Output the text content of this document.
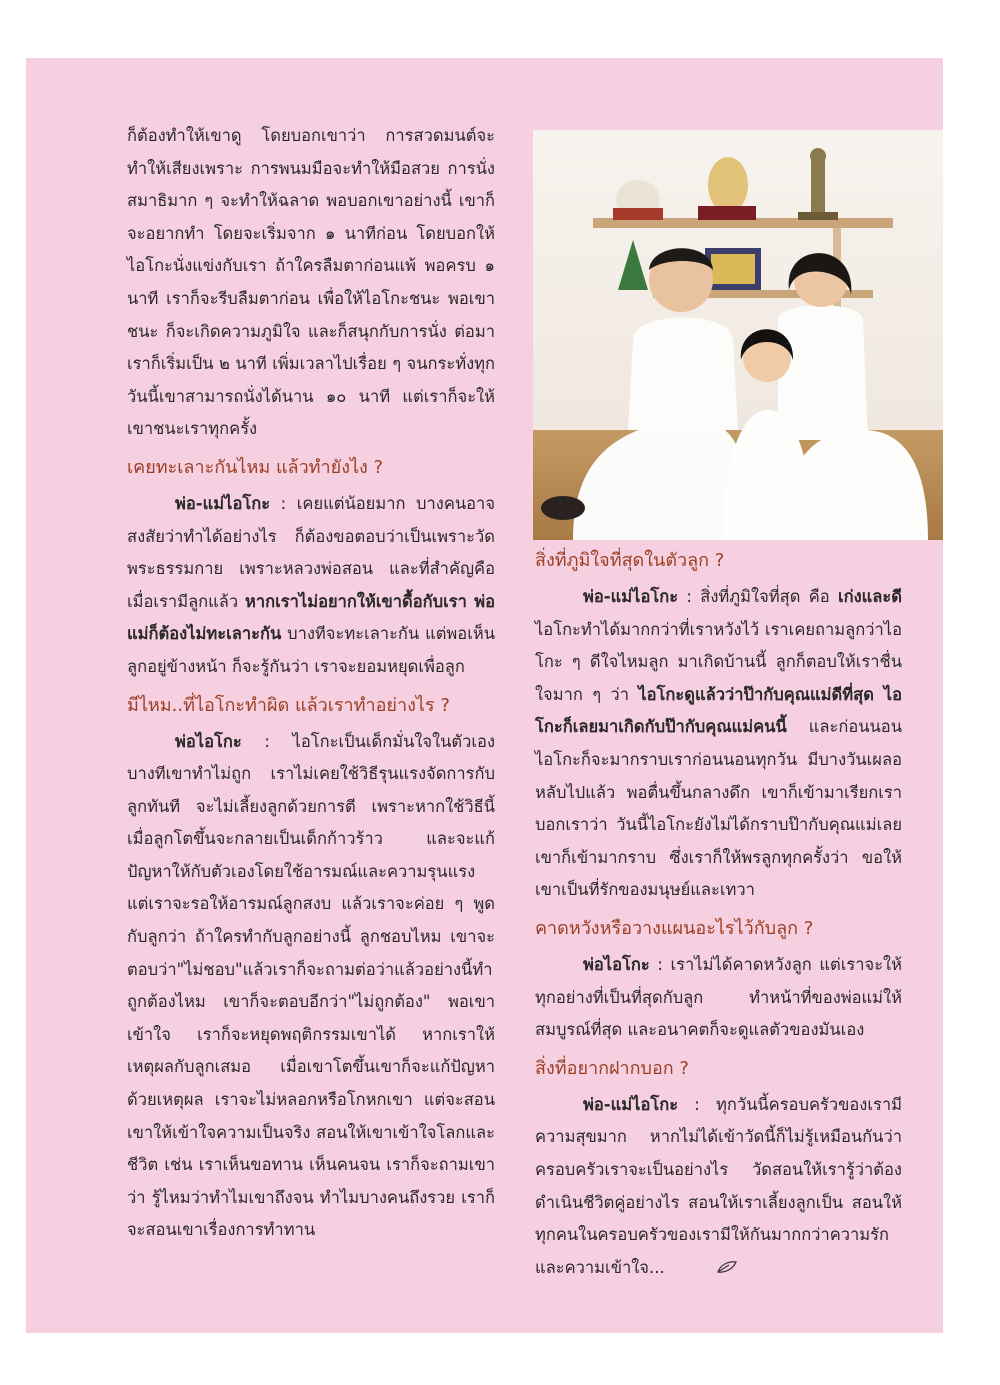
ก็ต้องทำให้เขาดู โดยบอกเขาว่า การสวดมนต์จะทำให้เสียงเพราะ การพนมมือจะทำให้มือสวย การนั่งสมาธิมาก ๆ จะทำให้ฉลาด พอบอกเขาอย่างนี้ เขาก็จะอยากทำ โดยจะเริ่มจาก ๑ นาทีก่อน โดยบอกให้ไอโกะนั่งแข่งกับเรา ถ้าใครลืมตาก่อนแพ้ พอครบ ๑ นาที เราก็จะรีบลืมตาก่อน เพื่อให้ไอโกะชนะ พอเขาชนะ ก็จะเกิดความภูมิใจ และก็สนุกกับการนั่ง ต่อมาเราก็เริ่มเป็น ๒ นาที เพิ่มเวลาไปเรื่อย ๆ จนกระทั่งทุกวันนี้เขาสามารถนั่งได้นาน ๑๐ นาที แต่เราก็จะให้เขาชนะเราทุกครั้ง

เคยทะเลาะกันไหม แล้วทำยังไง ?

พ่อ-แม่ไอโกะ : เคยแต่น้อยมาก บางคนอาจสงสัยว่าทำได้อย่างไร ก็ต้องขอตอบว่าเป็นเพราะวัดพระธรรมกาย เพราะหลวงพ่อสอน และที่สำคัญคือ เมื่อเรามีลูกแล้ว หากเราไม่อยากให้เขาดื้อกับเรา พ่อแม่ก็ต้องไม่ทะเลาะกัน บางทีจะทะเลาะกัน แต่พอเห็นลูกอยู่ข้างหน้า ก็จะรู้กันว่า เราจะยอมหยุดเพื่อลูก

มีไหม..ที่ไอโกะทำผิด แล้วเราทำอย่างไร ?

พ่อไอโกะ : ไอโกะเป็นเด็กมั่นใจในตัวเอง บางทีเขาทำไม่ถูก เราไม่เคยใช้วิธีรุนแรงจัดการกับลูกทันที จะไม่เลี้ยงลูกด้วยการตี เพราะหากใช้วิธีนี้ เมื่อลูกโตขึ้นจะกลายเป็นเด็กก้าวร้าว และจะแก้ปัญหาให้กับตัวเองโดยใช้อารมณ์และความรุนแรง แต่เราจะรอให้อารมณ์ลูกสงบ แล้วเราจะค่อย ๆ พูดกับลูกว่า ถ้าใครทำกับลูกอย่างนี้ ลูกชอบไหม เขาจะตอบว่า"ไม่ชอบ"แล้วเราก็จะถามต่อว่าแล้วอย่างนี้ทำถูกต้องไหม เขาก็จะตอบอีกว่า"ไม่ถูกต้อง" พอเขาเข้าใจ เราก็จะหยุดพฤติกรรมเขาได้ หากเราให้เหตุผลกับลูกเสมอ เมื่อเขาโตขึ้นเขาก็จะแก้ปัญหาด้วยเหตุผล เราจะไม่หลอกหรือโกหกเขา แต่จะสอนเขาให้เข้าใจความเป็นจริง สอนให้เขาเข้าใจโลกและชีวิต เช่น เราเห็นขอทาน เห็นคนจน เราก็จะถามเขาว่า รู้ไหมว่าทำไมเขาถึงจน ทำไมบางคนถึงรวย เราก็จะสอนเขาเรื่องการทำทาน

สิ่งที่ภูมิใจที่สุดในตัวลูก ?

พ่อ-แม่ไอโกะ : สิ่งที่ภูมิใจที่สุด คือ เก่งและดี ไอโกะทำได้มากกว่าที่เราหวังไว้ เราเคยถามลูกว่าไอโกะ ๆ ดีใจไหมลูก มาเกิดบ้านนี้ ลูกก็ตอบให้เราชื่นใจมาก ๆ ว่า ไอโกะดูแล้วว่าป๊ากับคุณแม่ดีที่สุด ไอโกะก็เลยมาเกิดกับป๊ากับคุณแม่คนนี้ และก่อนนอนไอโกะก็จะมากราบเราก่อนนอนทุกวัน มีบางวันเผลอหลับไปแล้ว พอตื่นขึ้นกลางดึก เขาก็เข้ามาเรียกเราบอกเราว่า วันนี้ไอโกะยังไม่ได้กราบป๊ากับคุณแม่เลย เขาก็เข้ามากราบ ซึ่งเราก็ให้พรลูกทุกครั้งว่า ขอให้เขาเป็นที่รักของมนุษย์และเทวา

คาดหวังหรือวางแผนอะไรไว้กับลูก ?

พ่อไอโกะ : เราไม่ได้คาดหวังลูก แต่เราจะให้ทุกอย่างที่เป็นที่สุดกับลูก ทำหน้าที่ของพ่อแม่ให้สมบูรณ์ที่สุด และอนาคตก็จะดูแลตัวของมันเอง

สิ่งที่อยากฝากบอก ?

พ่อ-แม่ไอโกะ : ทุกวันนี้ครอบครัวของเรามีความสุขมาก หากไม่ได้เข้าวัดนี้ก็ไม่รู้เหมือนกันว่าครอบครัวเราจะเป็นอย่างไร วัดสอนให้เรารู้ว่าต้องดำเนินชีวิตคู่อย่างไร สอนให้เราเลี้ยงลูกเป็น สอนให้ทุกคนในครอบครัวของเรามีให้กันมากกว่าความรักและความเข้าใจ...
